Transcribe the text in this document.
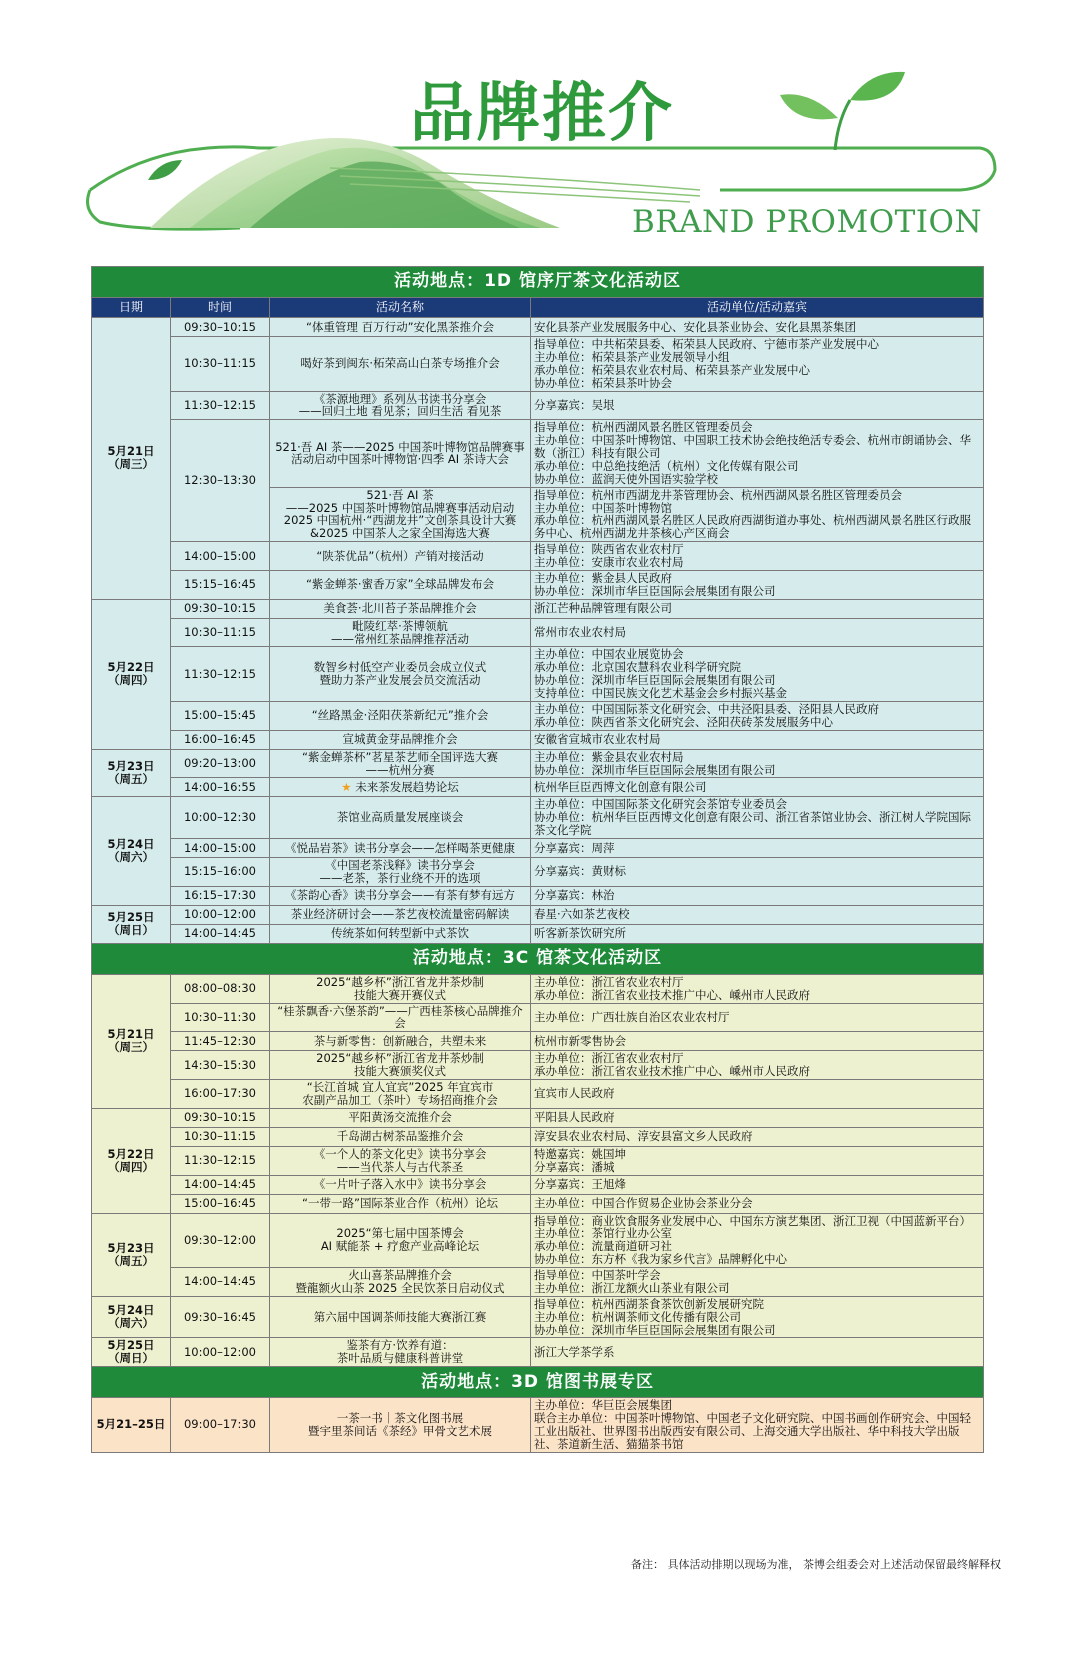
品牌推介
BRAND PROMOTION
活动地点：1D 馆序厅茶文化活动区			
日期	时间	活动名称	活动单位/活动嘉宾
5月21日
（周三）	09:30–10:15	“体重管理 百万行动”安化黑茶推介会	安化县茶产业发展服务中心、安化县茶业协会、安化县黑茶集团
	10:30–11:15	喝好茶到闽东·柘荣高山白茶专场推介会	指导单位：中共柘荣县委、柘荣县人民政府、宁德市茶产业发展中心
主办单位：柘荣县茶产业发展领导小组
承办单位：柘荣县农业农村局、柘荣县茶产业发展中心
协办单位：柘荣县茶叶协会
	11:30–12:15	《茶源地理》系列丛书读书分享会
——回归土地 看见茶；回归生活 看见茶	分享嘉宾：吴垠
	12:30–13:30	521·吾 AI 茶——2025 中国茶叶博物馆品牌赛事活动启动中国茶叶博物馆·四季 AI 茶诗大会	指导单位：杭州西湖风景名胜区管理委员会
主办单位：中国茶叶博物馆、中国职工技术协会绝技绝活专委会、杭州市朗诵协会、华数（浙江）科技有限公司
承办单位：中总绝技绝活（杭州）文化传媒有限公司
协办单位：蓝润天使外国语实验学校
		521·吾 AI 茶
——2025 中国茶叶博物馆品牌赛事活动启动
2025 中国杭州·“西湖龙井”文创茶具设计大赛
&2025 中国茶人之家全国海选大赛	指导单位：杭州市西湖龙井茶管理协会、杭州西湖风景名胜区管理委员会
主办单位：中国茶叶博物馆
承办单位：杭州西湖风景名胜区人民政府西湖街道办事处、杭州西湖风景名胜区行政服务中心、杭州西湖龙井茶核心产区商会
	14:00–15:00	“陕茶优品”（杭州）产销对接活动	指导单位：陕西省农业农村厅
主办单位：安康市农业农村局
	15:15–16:45	“紫金蝉茶·蜜香万家”全球品牌发布会	主办单位：紫金县人民政府
协办单位：深圳市华巨臣国际会展集团有限公司
5月22日
（周四）	09:30–10:15	美食荟·北川苔子茶品牌推介会	浙江芒种品牌管理有限公司
	10:30–11:15	毗陵红萃·茶博领航
——常州红茶品牌推荐活动	常州市农业农村局
	11:30–12:15	数智乡村低空产业委员会成立仪式
暨助力茶产业发展会员交流活动	主办单位：中国农业展览协会
承办单位：北京国农慧科农业科学研究院
协办单位：深圳市华巨臣国际会展集团有限公司
支持单位：中国民族文化艺术基金会乡村振兴基金
	15:00–15:45	“丝路黑金·泾阳茯茶新纪元”推介会	主办单位：中国国际茶文化研究会、中共泾阳县委、泾阳县人民政府
承办单位：陕西省茶文化研究会、泾阳茯砖茶发展服务中心
	16:00–16:45	宣城黄金芽品牌推介会	安徽省宣城市农业农村局
5月23日
（周五）	09:20–13:00	“紫金蝉茶杯”茗星茶艺师全国评选大赛
——杭州分赛	主办单位：紫金县农业农村局
协办单位：深圳市华巨臣国际会展集团有限公司
	14:00–16:55	★ 未来茶发展趋势论坛	杭州华巨臣西博文化创意有限公司
5月24日
（周六）	10:00–12:30	茶馆业高质量发展座谈会	主办单位：中国国际茶文化研究会茶馆专业委员会
协办单位：杭州华巨臣西博文化创意有限公司、浙江省茶馆业协会、浙江树人学院国际茶文化学院
	14:00–15:00	《悦品岩茶》读书分享会——怎样喝茶更健康	分享嘉宾：周萍
	15:15–16:00	《中国老茶浅释》读书分享会
——老茶，茶行业绕不开的选项	分享嘉宾：黄财标
	16:15–17:30	《茶韵心香》读书分享会——有茶有梦有远方	分享嘉宾：林治
5月25日
（周日）	10:00–12:00	茶业经济研讨会——茶艺夜校流量密码解读	春星·六如茶艺夜校
	14:00–14:45	传统茶如何转型新中式茶饮	听客新茶饮研究所
活动地点：3C 馆茶文化活动区			
5月21日
（周三）	08:00–08:30	2025“越乡杯”浙江省龙井茶炒制
技能大赛开赛仪式	主办单位：浙江省农业农村厅
承办单位：浙江省农业技术推广中心、嵊州市人民政府
	10:30–11:30	“桂茶飘香·六堡茶韵”——广西桂茶核心品牌推介会	主办单位：广西壮族自治区农业农村厅
	11:45–12:30	茶与新零售：创新融合，共塑未来	杭州市新零售协会
	14:30–15:30	2025“越乡杯”浙江省龙井茶炒制
技能大赛颁奖仪式	主办单位：浙江省农业农村厅
承办单位：浙江省农业技术推广中心、嵊州市人民政府
	16:00–17:30	“长江首城 宜人宜宾”2025 年宜宾市
农副产品加工（茶叶）专场招商推介会	宜宾市人民政府
5月22日
（周四）	09:30–10:15	平阳黄汤交流推介会	平阳县人民政府
	10:30–11:15	千岛湖古树茶品鉴推介会	淳安县农业农村局、淳安县富文乡人民政府
	11:30–12:15	《一个人的茶文化史》读书分享会
——当代茶人与古代茶圣	特邀嘉宾：姚国坤
分享嘉宾：潘城
	14:00–14:45	《一片叶子落入水中》读书分享会	分享嘉宾：王旭烽
	15:00–16:45	“一带一路”国际茶业合作（杭州）论坛	主办单位：中国合作贸易企业协会茶业分会
5月23日
（周五）	09:30–12:00	2025“第七届中国茶博会
AI 赋能茶 + 疗愈产业高峰论坛	指导单位：商业饮食服务业发展中心、中国东方演艺集团、浙江卫视（中国蓝新平台）
主办单位：茶馆行业办公室
承办单位：流量商道研习社
协办单位：东方杯《我为家乡代言》品牌孵化中心
	14:00–14:45	火山喜茶品牌推介会
暨龍额火山茶 2025 全民饮茶日启动仪式	指导单位：中国茶叶学会
主办单位：浙江龙额火山茶业有限公司
5月24日
（周六）	09:30–16:45	第六届中国调茶师技能大赛浙江赛	指导单位：杭州西湖茶食茶饮创新发展研究院
主办单位：杭州调茶师文化传播有限公司
协办单位：深圳市华巨臣国际会展集团有限公司
5月25日
（周日）	10:00–12:00	鉴茶有方·饮养有道：
茶叶品质与健康科普讲堂	浙江大学茶学系
活动地点：3D 馆图书展专区			
5月21–25日	09:00–17:30	一茶一书｜茶文化图书展
暨宇里茶间话《茶经》甲骨文艺术展	主办单位：华巨臣会展集团
联合主办单位：中国茶叶博物馆、中国老子文化研究院、中国书画创作研究会、中国轻工业出版社、世界图书出版西安有限公司、上海交通大学出版社、华中科技大学出版社、茶道新生活、猫猫茶书馆
备注： 具体活动排期以现场为准， 茶博会组委会对上述活动保留最终解释权
